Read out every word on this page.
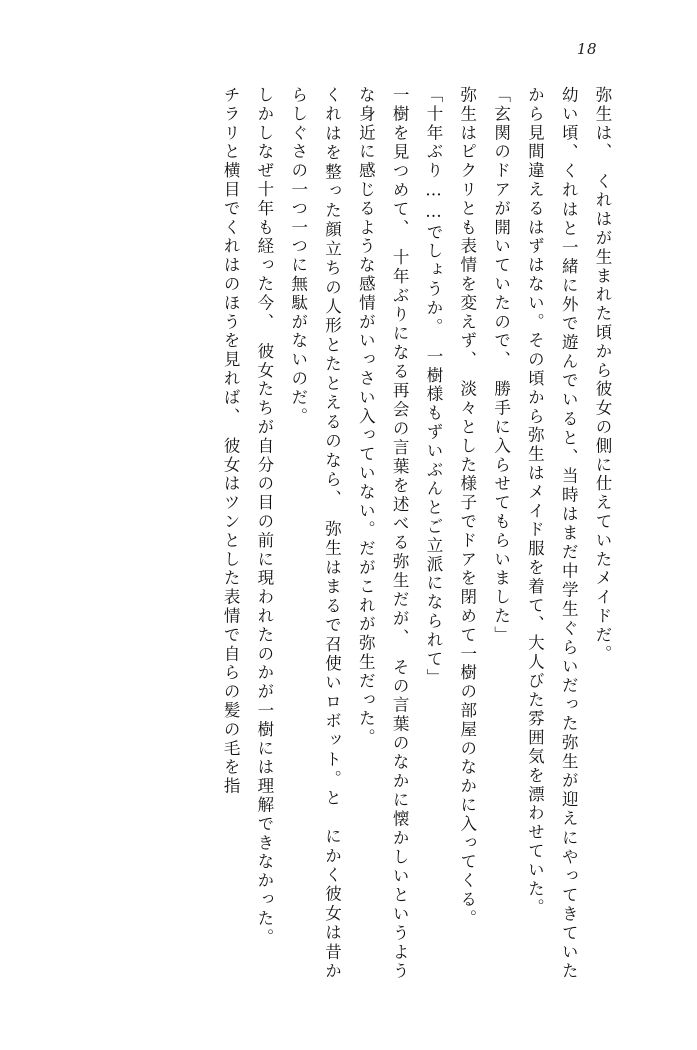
18

弥生は、　くれはが生まれた頃から彼女の側に仕えていたメイドだ。

幼い頃、くれはと一緒に外で遊んでいると、当時はまだ中学生ぐらいだった弥生が迎えにやってきていたから見間違えるはずはない。その頃から弥生はメイド服を着て、大人びた雰囲気を漂わせていた。

「玄関のドアが開いていたので、　勝手に入らせてもらいました」

弥生はピクリとも表情を変えず、　淡々とした様子でドアを閉めて一樹の部屋のなかに入ってくる。

「十年ぶり……でしょうか。　一樹様もずいぶんとご立派になられて」

一樹を見つめて、　十年ぶりになる再会の言葉を述べる弥生だが、　その言葉のなかに懐かしいというような身近に感じるような感情がいっさい入っていない。だがこれが弥生だった。

くれはを整った顔立ちの人形とたとえるのなら、　弥生はまるで召使いロボット。と　にかく彼女は昔からしぐさの一つ一つに無駄がないのだ。

しかしなぜ十年も経った今、　彼女たちが自分の目の前に現われたのかが一樹には理解できなかった。

チラリと横目でくれはのほうを見れば、　彼女はツンとした表情で自らの髪の毛を指
